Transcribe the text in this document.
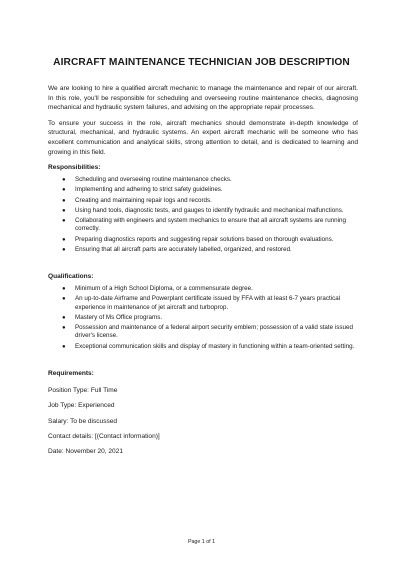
AIRCRAFT MAINTENANCE TECHNICIAN JOB DESCRIPTION

We are looking to hire a qualified aircraft mechanic to manage the maintenance and repair of our aircraft. In this role, you'll be responsible for scheduling and overseeing routine maintenance checks, diagnosing mechanical and hydraulic system failures, and advising on the appropriate repair processes.

To ensure your success in the role, aircraft mechanics should demonstrate in-depth knowledge of structural, mechanical, and hydraulic systems. An expert aircraft mechanic will be someone who has excellent communication and analytical skills, strong attention to detail, and is dedicated to learning and growing in this field.

Responsibilities:
● Scheduling and overseeing routine maintenance checks.
● Implementing and adhering to strict safety guidelines.
● Creating and maintaining repair logs and records.
● Using hand tools, diagnostic tests, and gauges to identify hydraulic and mechanical malfunctions.
● Collaborating with engineers and system mechanics to ensure that all aircraft systems are running correctly.
● Preparing diagnostics reports and suggesting repair solutions based on thorough evaluations.
● Ensuring that all aircraft parts are accurately labelled, organized, and restored.
Qualifications:
● Minimum of a High School Diploma, or a commensurate degree.
● An up-to-date Airframe and Powerplant certificate issued by FFA with at least 6-7 years practical experience in maintenance of jet aircraft and turboprop.
● Mastery of Ms Office programs.
● Possession and maintenance of a federal airport security emblem; possession of a valid state issued driver's license.
● Exceptional communication skills and display of mastery in functioning within a team-oriented setting.
Requirements:

Position Type: Full Time

Job Type: Experienced

Salary: To be discussed

Contact details: [(Contact information)]

Date: November 20, 2021

Page 1 of 1
